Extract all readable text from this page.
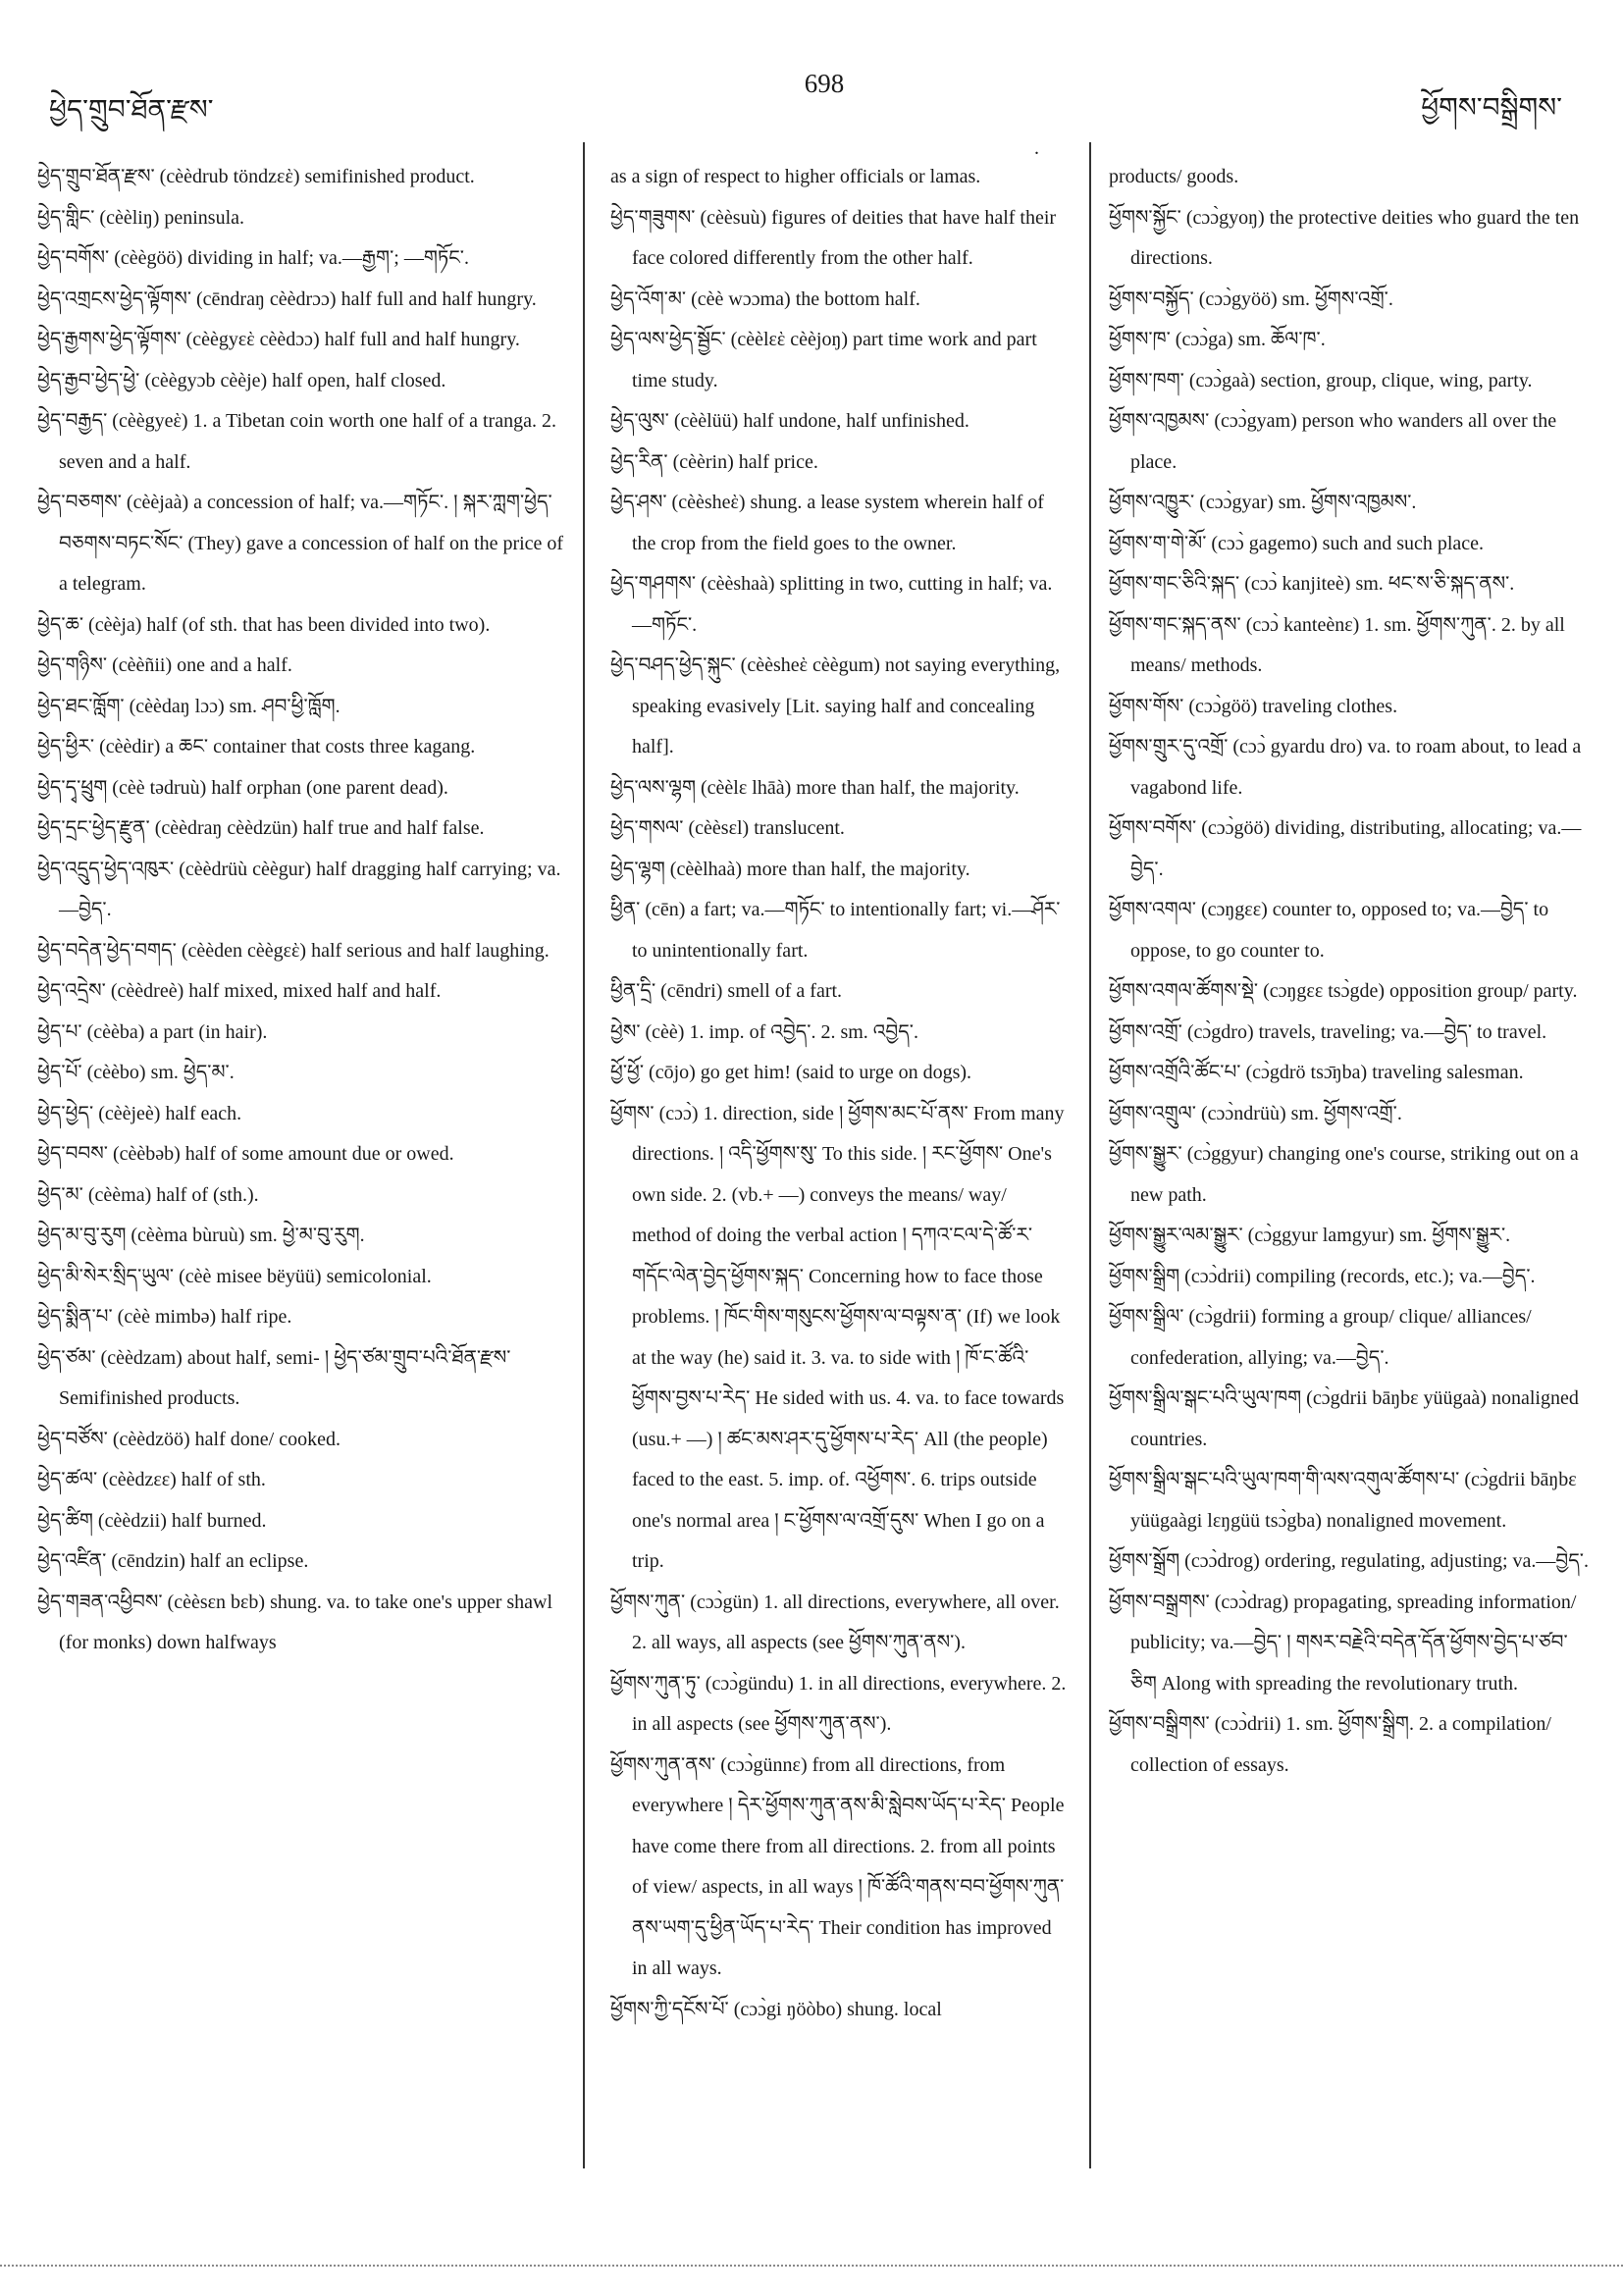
ཕྱེད་གྲུབ་ཐོན་རྫས་
698
ཕྱོགས་བསྒྲིགས་
.

ཕྱེད་གྲུབ་ཐོན་རྫས་ (cèèdrub töndzεὲ) semifinished product.

ཕྱེད་གླིང་ (cèèliŋ) peninsula.

ཕྱེད་བགོས་ (cèègöö) dividing in half; va.—རྒྱག་; —གཏོང་.

ཕྱེད་འགྲངས་ཕྱེད་ལྟོགས་ (cēndraŋ cèèdrɔɔ) half full and half hungry.

ཕྱེད་རྒྱགས་ཕྱེད་ལྟོགས་ (cèègyεὲ cèèdɔɔ) half full and half hungry.

ཕྱེད་རྒྱབ་ཕྱེད་ཕྱེ་ (cèègyɔb cèèje) half open, half closed.

ཕྱེད་བརྒྱད་ (cèègyeὲ) 1. a Tibetan coin worth one half of a tranga. 2. seven and a half.

ཕྱེད་བཅགས་ (cèèjaà) a concession of half; va.—གཏོང་. ། སྐར་ཀླག་ཕྱེད་བཅགས་བཏང་སོང་ (They) gave a concession of half on the price of a telegram.

ཕྱེད་ཆ་ (cèèja) half (of sth. that has been divided into two).

ཕྱེད་གཉིས་ (cèèñii) one and a half.

ཕྱེད་ཐང་ཁློག་ (cèèdaŋ lɔɔ) sm. ཤབ་ཕྱི་ཁློག.

ཕྱེད་ཕྱིར་ (cèèdir) a ཆང་ container that costs three kagang.

ཕྱེད་དྭ་ཕྲུག (cèè tədruù) half orphan (one parent dead).

ཕྱེད་དྲང་ཕྱེད་རྫུན་ (cèèdraŋ cèèdzün) half true and half false.

ཕྱེད་འདྲུད་ཕྱེད་འཁུར་ (cèèdrüù cèègur) half dragging half carrying; va.—བྱེད་.

ཕྱེད་བདེན་ཕྱེད་བགད་ (cèèden cèègεὲ) half serious and half laughing.

ཕྱེད་འདྲེས་ (cèèdreè) half mixed, mixed half and half.

ཕྱེད་པ་ (cèèba) a part (in hair).

ཕྱེད་པོ་ (cèèbo) sm. ཕྱེད་མ་.

ཕྱེད་ཕྱེད་ (cèèjeè) half each.

ཕྱེད་བབས་ (cèèbəb) half of some amount due or owed.

ཕྱེད་མ་ (cèèma) half of (sth.).

ཕྱེད་མ་བུ་རུག (cèèma bùruù) sm. ཕྱེ་མ་བུ་རུག.

ཕྱེད་མི་སེར་སྲིད་ཡུལ་ (cèè misee bëyüü) semicolonial.

ཕྱེད་སྨིན་པ་ (cèè mimbə) half ripe.

ཕྱེད་ཙམ་ (cèèdzam) about half, semi- ། ཕྱེད་ཙམ་གྲུབ་པའི་ཐོན་རྫས་ Semifinished products.

ཕྱེད་བཙོས་ (cèèdzöö) half done/ cooked.

ཕྱེད་ཚལ་ (cèèdzεε) half of sth.

ཕྱེད་ཚིག (cèèdzii) half burned.

ཕྱེད་འཛིན་ (cēndzin) half an eclipse.

ཕྱེད་གཟན་འཕྱིབས་ (cèèsεn bεb) shung. va. to take one's upper shawl (for monks) down halfways

as a sign of respect to higher officials or lamas.

ཕྱེད་གཟུགས་ (cèèsuù) figures of deities that have half their face colored differently from the other half.

ཕྱེད་འོག་མ་ (cèè wɔɔma) the bottom half.

ཕྱེད་ལས་ཕྱེད་སྦྱོང་ (cèèlεὲ cèèjoŋ) part time work and part time study.

ཕྱེད་ལུས་ (cèèlüü) half undone, half unfinished.

ཕྱེད་རིན་ (cèèrin) half price.

ཕྱེད་ཤས་ (cèèsheὲ) shung. a lease system wherein half of the crop from the field goes to the owner.

ཕྱེད་གཤགས་ (cèèshaà) splitting in two, cutting in half; va.—གཏོང་.

ཕྱེད་བཤད་ཕྱེད་སྐུང་ (cèèsheὲ cèègum) not saying everything, speaking evasively [Lit. saying half and concealing half].

ཕྱེད་ལས་ལྷག (cèèlε lhāà) more than half, the majority.

ཕྱེད་གསལ་ (cèèsεl) translucent.

ཕྱེད་ལྷག (cèèlhaà) more than half, the majority.

ཕྱིན་ (cēn) a fart; va.—གཏོང་ to intentionally fart; vi.—ཤོར་ to unintentionally fart.

ཕྱིན་དྲི་ (cēndri) smell of a fart.

ཕྱེས་ (cèè) 1. imp. of འབྱེད་. 2. sm. འབྱེད་.

ཕྱོ་ཕྱོ་ (cōjo) go get him! (said to urge on dogs).

ཕྱོགས་ (cɔɔ̀) 1. direction, side ། ཕྱོགས་མང་པོ་ནས་ From many directions. ། འདི་ཕྱོགས་སུ་ To this side. ། རང་ཕྱོགས་ One's own side. 2. (vb.+ —) conveys the means/ way/ method of doing the verbal action ། དཀའ་ངལ་དེ་ཚོ་ར་གདོང་ལེན་བྱེད་ཕྱོགས་སྐད་ Concerning how to face those problems. ། ཁོང་གིས་གསུངས་ཕྱོགས་ལ་བལྟས་ན་ (If) we look at the way (he) said it. 3. va. to side with ། ཁོ་ང་ཚོའི་ཕྱོགས་བྱས་པ་རེད་ He sided with us. 4. va. to face towards (usu.+ —) ། ཚང་མས་ཤར་དུ་ཕྱོགས་པ་རེད་ All (the people) faced to the east. 5. imp. of. འཕྱོགས་. 6. trips outside one's normal area ། ང་ཕྱོགས་ལ་འགྲོ་དུས་ When I go on a trip.

ཕྱོགས་ཀུན་ (cɔɔ̀gün) 1. all directions, everywhere, all over. 2. all ways, all aspects (see ཕྱོགས་ཀུན་ནས་).

ཕྱོགས་ཀུན་ཏུ་ (cɔɔ̀gündu) 1. in all directions, everywhere. 2. in all aspects (see ཕྱོགས་ཀུན་ནས་).

ཕྱོགས་ཀུན་ནས་ (cɔɔ̀günnε) from all directions, from everywhere ། དེར་ཕྱོགས་ཀུན་ནས་མི་སླེབས་ཡོད་པ་རེད་ People have come there from all directions. 2. from all points of view/ aspects, in all ways ། ཁོ་ཚོའི་གནས་བབ་ཕྱོགས་ཀུན་ནས་ཡག་དུ་ཕྱིན་ཡོད་པ་རེད་ Their condition has improved in all ways.

ཕྱོགས་ཀྱི་དངོས་པོ་ (cɔɔ̀gi ŋöòbo) shung. local

products/ goods.

ཕྱོགས་སྐྱོང་ (cɔɔ̀gyoŋ) the protective deities who guard the ten directions.

ཕྱོགས་བསྐྱོད་ (cɔɔ̀gyöö) sm. ཕྱོགས་འགྲོ་.

ཕྱོགས་ཁ་ (cɔɔ̀ga) sm. ཆོལ་ཁ་.

ཕྱོགས་ཁག་ (cɔɔ̀gaà) section, group, clique, wing, party.

ཕྱོགས་འཁྱམས་ (cɔɔ̀gyam) person who wanders all over the place.

ཕྱོགས་འཁྱུར་ (cɔɔ̀gyar) sm. ཕྱོགས་འཁྱམས་.

ཕྱོགས་ག་གེ་མོ་ (cɔɔ̀ gagemo) such and such place.

ཕྱོགས་གང་ཅིའི་སྐད་ (cɔɔ̀ kanjiteè) sm. ཕང་ས་ཅི་སྐད་ནས་.

ཕྱོགས་གང་སྐད་ནས་ (cɔɔ̀ kanteènε) 1. sm. ཕྱོགས་ཀུན་. 2. by all means/ methods.

ཕྱོགས་གོས་ (cɔɔ̀göö) traveling clothes.

ཕྱོགས་གྲུར་དུ་འགྲོ་ (cɔɔ̀ gyardu dro) va. to roam about, to lead a vagabond life.

ཕྱོགས་བགོས་ (cɔɔ̀göö) dividing, distributing, allocating; va.—བྱེད་.

ཕྱོགས་འགལ་ (cɔŋgεε) counter to, opposed to; va.—བྱེད་ to oppose, to go counter to.

ཕྱོགས་འགལ་ཚོགས་སྡེ་ (cɔŋgεε tsɔ̀gde) opposition group/ party.

ཕྱོགས་འགྲོ་ (cɔ̀gdro) travels, traveling; va.—བྱེད་ to travel.

ཕྱོགས་འགྲོའི་ཚོང་པ་ (cɔ̀gdrö tsɔ̄ŋba) traveling salesman.

ཕྱོགས་འགྲུལ་ (cɔɔ̀ndrüù) sm. ཕྱོགས་འགྲོ་.

ཕྱོགས་སྒྱུར་ (cɔ̀ggyur) changing one's course, striking out on a new path.

ཕྱོགས་སྒྱུར་ལམ་སྒྱུར་ (cɔ̀ggyur lamgyur) sm. ཕྱོགས་སྒྱུར་.

ཕྱོགས་སྒྲིག (cɔɔ̀drii) compiling (records, etc.); va.—བྱེད་.

ཕྱོགས་སྒྲིལ་ (cɔ̀gdrii) forming a group/ clique/ alliances/ confederation, allying; va.—བྱེད་.

ཕྱོགས་སྒྲིལ་སྒང་པའི་ཡུལ་ཁག (cɔ̀gdrii bāŋbε yüügaà) nonaligned countries.

ཕྱོགས་སྒྲིལ་སྒང་པའི་ཡུལ་ཁག་གི་ལས་འགུལ་ཚོགས་པ་ (cɔ̀gdrii bāŋbε yüügaàgi lεŋgüü tsɔ̀gba) nonaligned movement.

ཕྱོགས་སྒྲོག (cɔɔ̀drog) ordering, regulating, adjusting; va.—བྱེད་.

ཕྱོགས་བསྒྲགས་ (cɔɔ̀drag) propagating, spreading information/ publicity; va.—བྱེད་ ། གསར་བརྗེའི་བདེན་དོན་ཕྱོགས་བྱེད་པ་ཙབ་ཅིག Along with spreading the revolutionary truth.

ཕྱོགས་བསྒྲིགས་ (cɔɔ̀drii) 1. sm. ཕྱོགས་སྒྲིག. 2. a compilation/ collection of essays.
